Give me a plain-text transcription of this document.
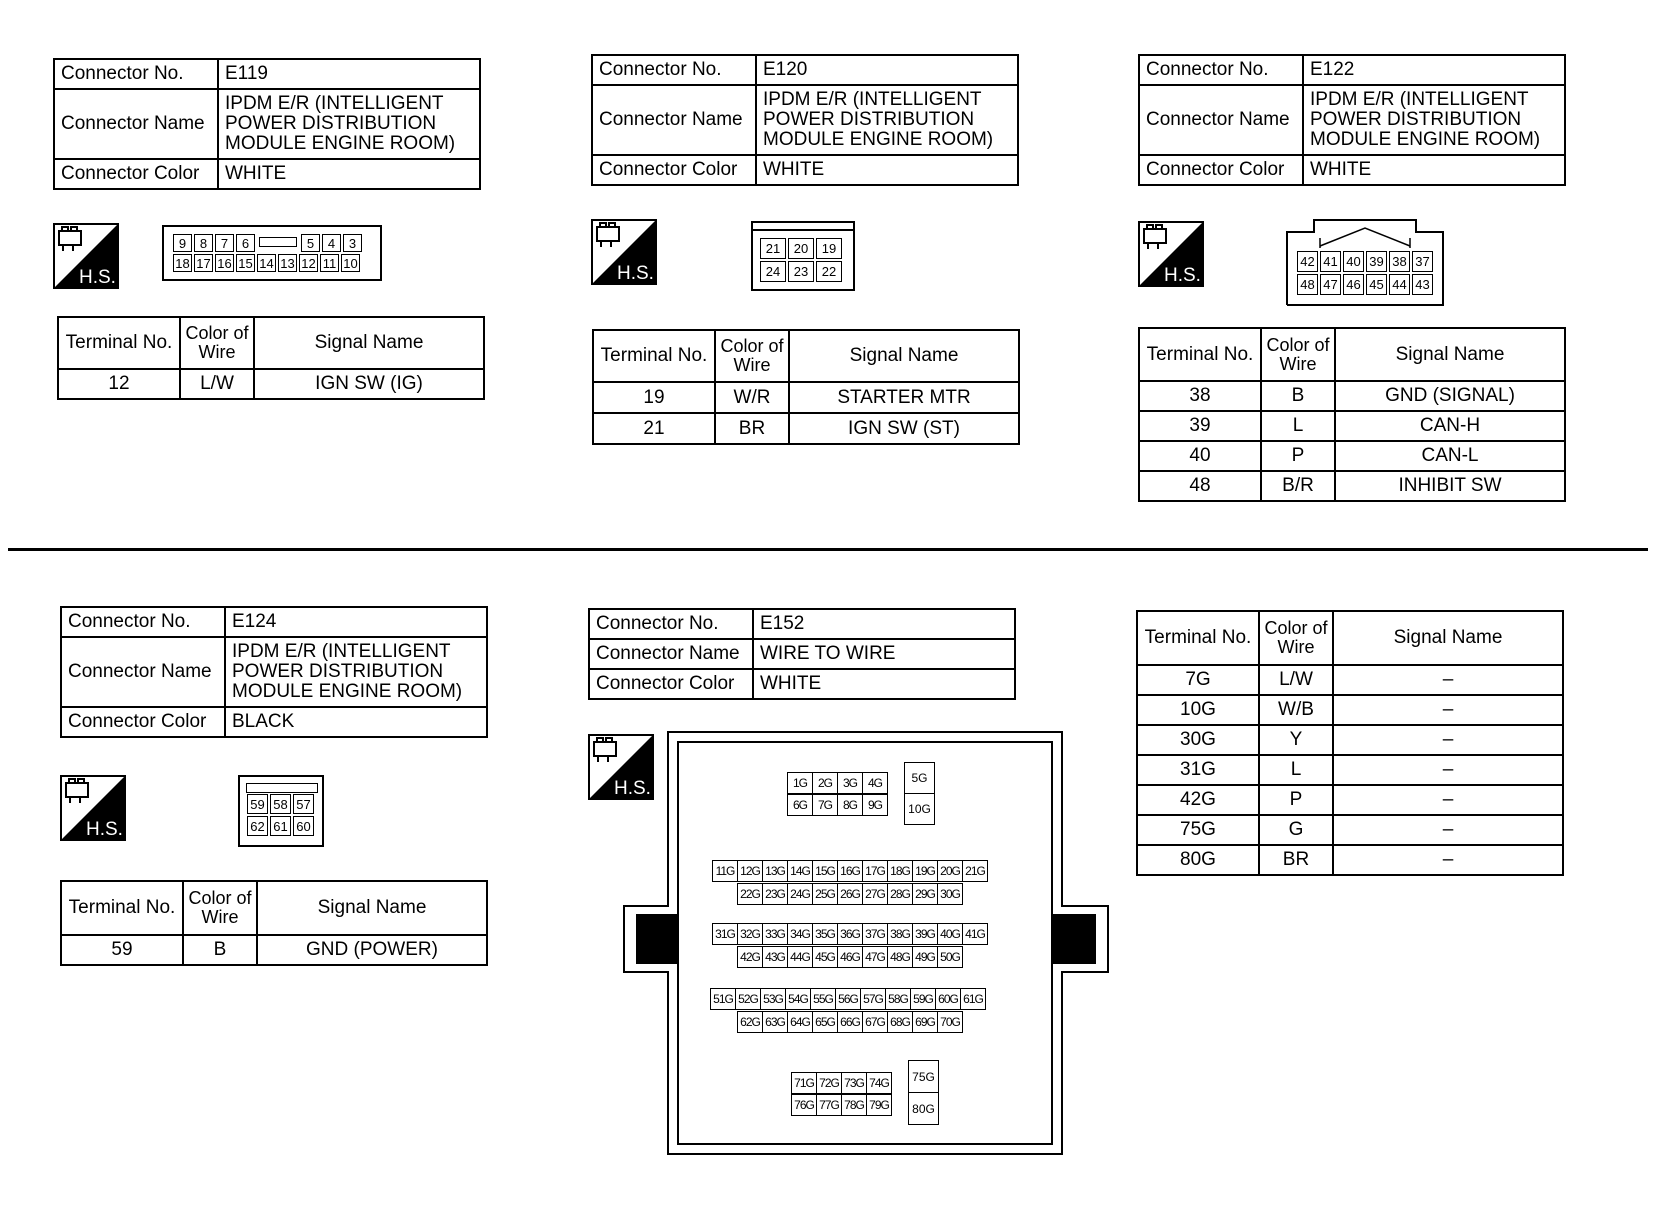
Connector No.	E119
Connector Name	IPDM E/R (INTELLIGENT
POWER DISTRIBUTION
MODULE ENGINE ROOM)

Connector Color	WHITE
H.S.
9	8	7	6	5	4	3
18 17 16 15 14 13 12 11 10
Terminal No.	Color of
Wire	Signal Name
12	L/W	IGN SW (IG)
Connector No.	E120
Connector Name	IPDM E/R (INTELLIGENT
POWER DISTRIBUTION
MODULE ENGINE ROOM)

Connector Color	WHITE
H.S.
21	20	19
24	23	22
Terminal No.	Color of
Wire	Signal Name
19	W/R	STARTER MTR
21	BR	IGN SW (ST)
Connector No.	E122
Connector Name	IPDM E/R (INTELLIGENT
POWER DISTRIBUTION
MODULE ENGINE ROOM)

Connector Color	WHITE
H.S.
42 41 40 39 38 37
48 47 46 45 44 43
Terminal No.	Color of
Wire	Signal Name
38	B	GND (SIGNAL)
39	L	CAN-H
40	P	CAN-L
48	B/R	INHIBIT SW
Connector No.	E124
Connector Name	IPDM E/R (INTELLIGENT
POWER DISTRIBUTION
MODULE ENGINE ROOM)

Connector Color	BLACK
H.S.
59 58 57
62 61 60
Terminal No.	Color of
Wire	Signal Name
59	B	GND (POWER)
Connector No.	E152
Connector Name	WIRE TO WIRE
Connector Color	WHITE
H.S.	1G 2G 3G 4G
6G 7G 8G 9G
5G
10G
11G 12G 13G 14G 15G 16G 17G 18G 19G 20G 21G
22G 23G 24G 25G 26G 27G 28G 29G 30G
31G 32G 33G 34G 35G 36G 37G 38G 39G 40G 41G
42G 43G 44G 45G 46G 47G 48G 49G 50G
51G 52G 53G 54G 55G 56G 57G 58G 59G 60G 61G
62G 63G 64G 65G 66G 67G 68G 69G 70G
71G 72G 73G 74G
76G 77G 78G 79G
75G
80G
Terminal No.	Color of
Wire	Signal Name
7G	L/W	–
10G	W/B	–
30G	Y	–
31G	L	–
42G	P	–
75G	G	–
80G	BR	–
